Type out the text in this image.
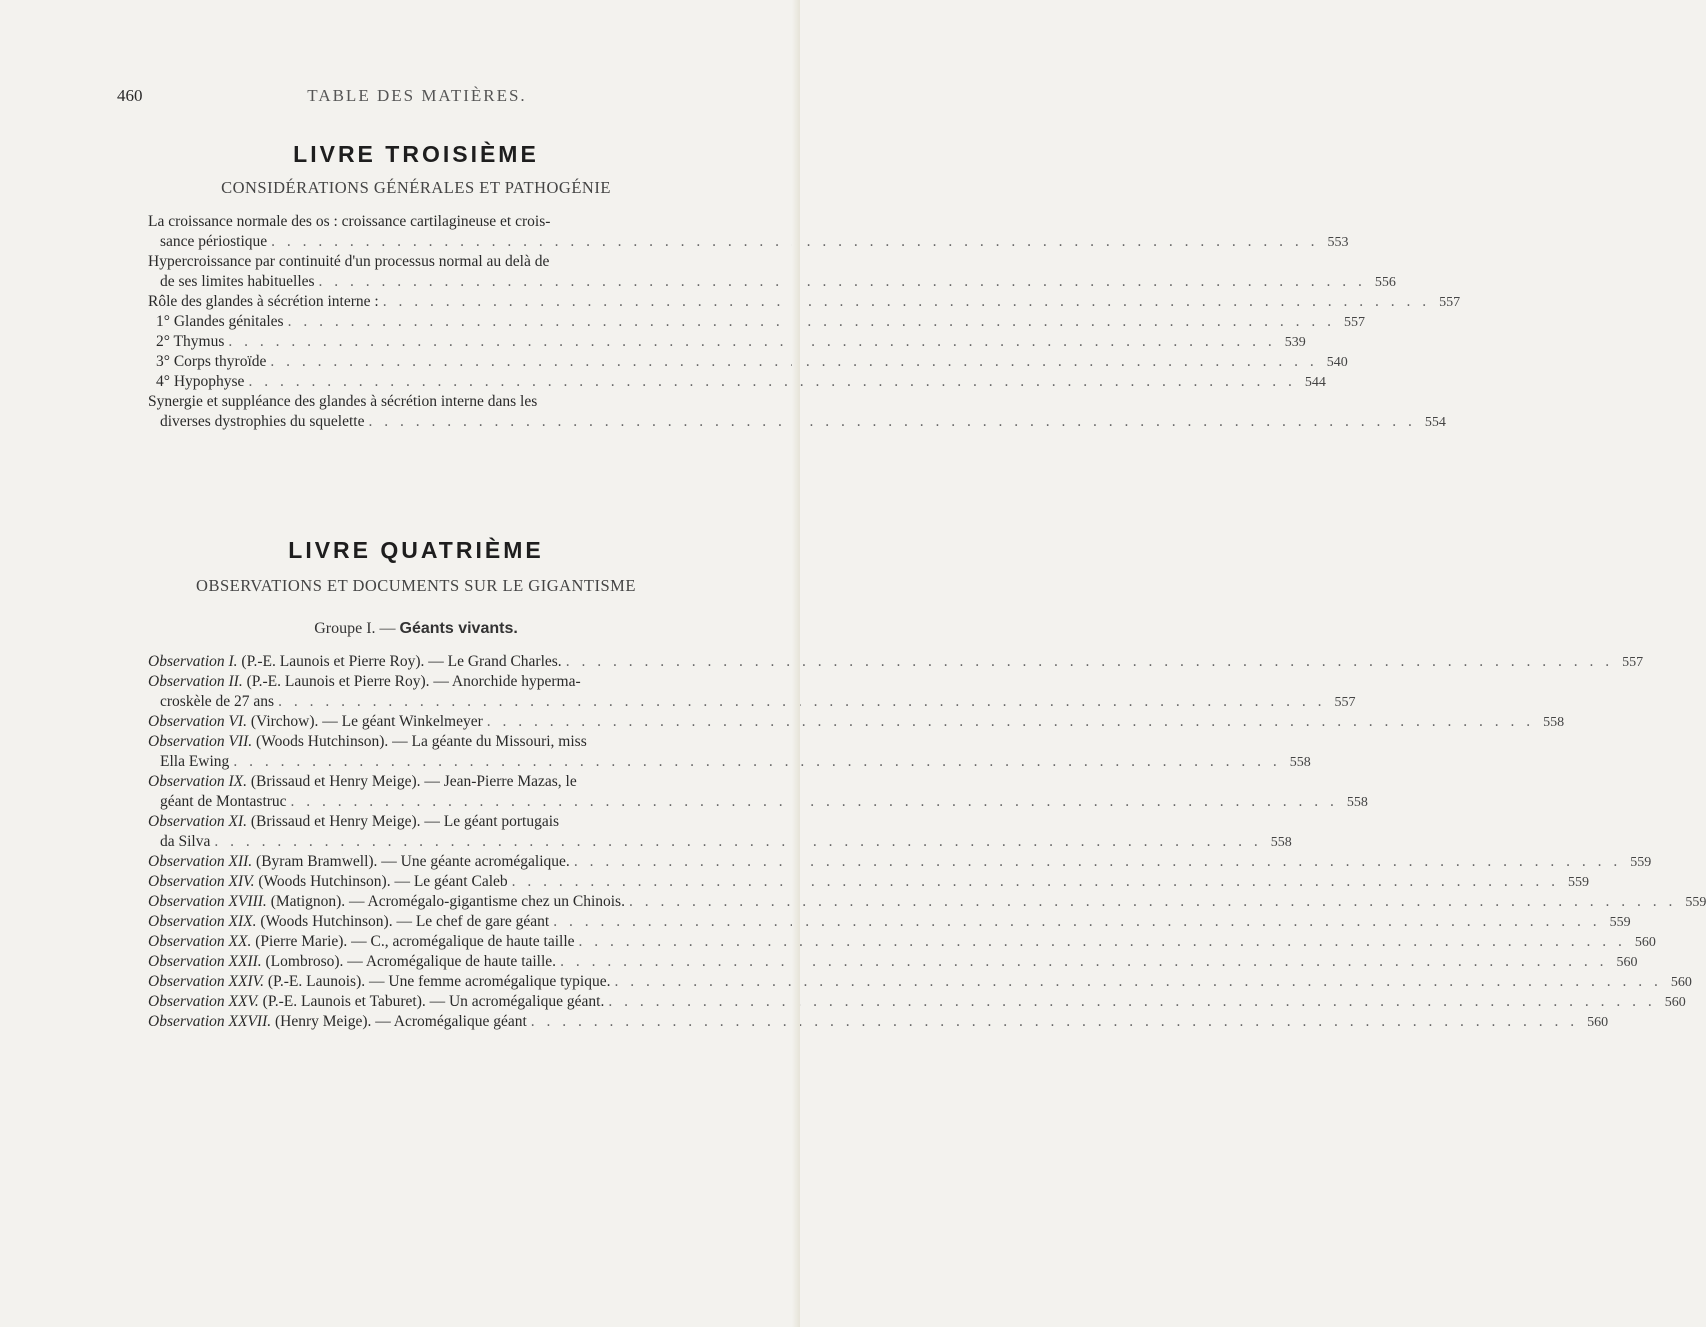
460	TABLE DES MATIÈRES.
LIVRE TROISIÈME
CONSIDÉRATIONS GÉNÉRALES ET PATHOGÉNIE
La croissance normale des os : croissance cartilagineuse et crois-
sance périostique . . .	553
Hypercroissance par continuité d'un processus normal au delà de
de ses limites habituelles . . .	556
Rôle des glandes à sécrétion interne : . . .	557
1° Glandes génitales . . .	557
2° Thymus . . .	539
3° Corps thyroïde . . .	540
4° Hypophyse . . .	544
Synergie et suppléance des glandes à sécrétion interne dans les
diverses dystrophies du squelette . . .	554
LIVRE QUATRIÈME
OBSERVATIONS ET DOCUMENTS SUR LE GIGANTISME
Groupe I. — Géants vivants.
Observation I. (P.-E. Launois et Pierre Roy). — Le Grand Charles. . . .	557
Observation II. (P.-E. Launois et Pierre Roy). — Anorchide hyperma-
croskèle de 27 ans . . .	557
Observation VI. (Virchow). — Le géant Winkelmeyer . . .	558
Observation VII. (Woods Hutchinson). — La géante du Missouri, miss
Ella Ewing . . .	558
Observation IX. (Brissaud et Henry Meige). — Jean-Pierre Mazas, le
géant de Montastruc . . .	558
Observation XI. (Brissaud et Henry Meige). — Le géant portugais
da Silva . . .	558
Observation XII. (Byram Bramwell). — Une géante acromégalique. . . .	559
Observation XIV. (Woods Hutchinson). — Le géant Caleb . . .	559
Observation XVIII. (Matignon). — Acromégalo-gigantisme chez un Chinois. . . .	559
Observation XIX. (Woods Hutchinson). — Le chef de gare géant . . .	559
Observation XX. (Pierre Marie). — C., acromégalique de haute taille . . .	560
Observation XXII. (Lombroso). — Acromégalique de haute taille. . . .	560
Observation XXIV. (P.-E. Launois). — Une femme acromégalique typique. . . .	560
Observation XXV. (P.-E. Launois et Taburet). — Un acromégalique géant. . . .	560
Observation XXVII. (Henry Meige). — Acromégalique géant . . .	560
